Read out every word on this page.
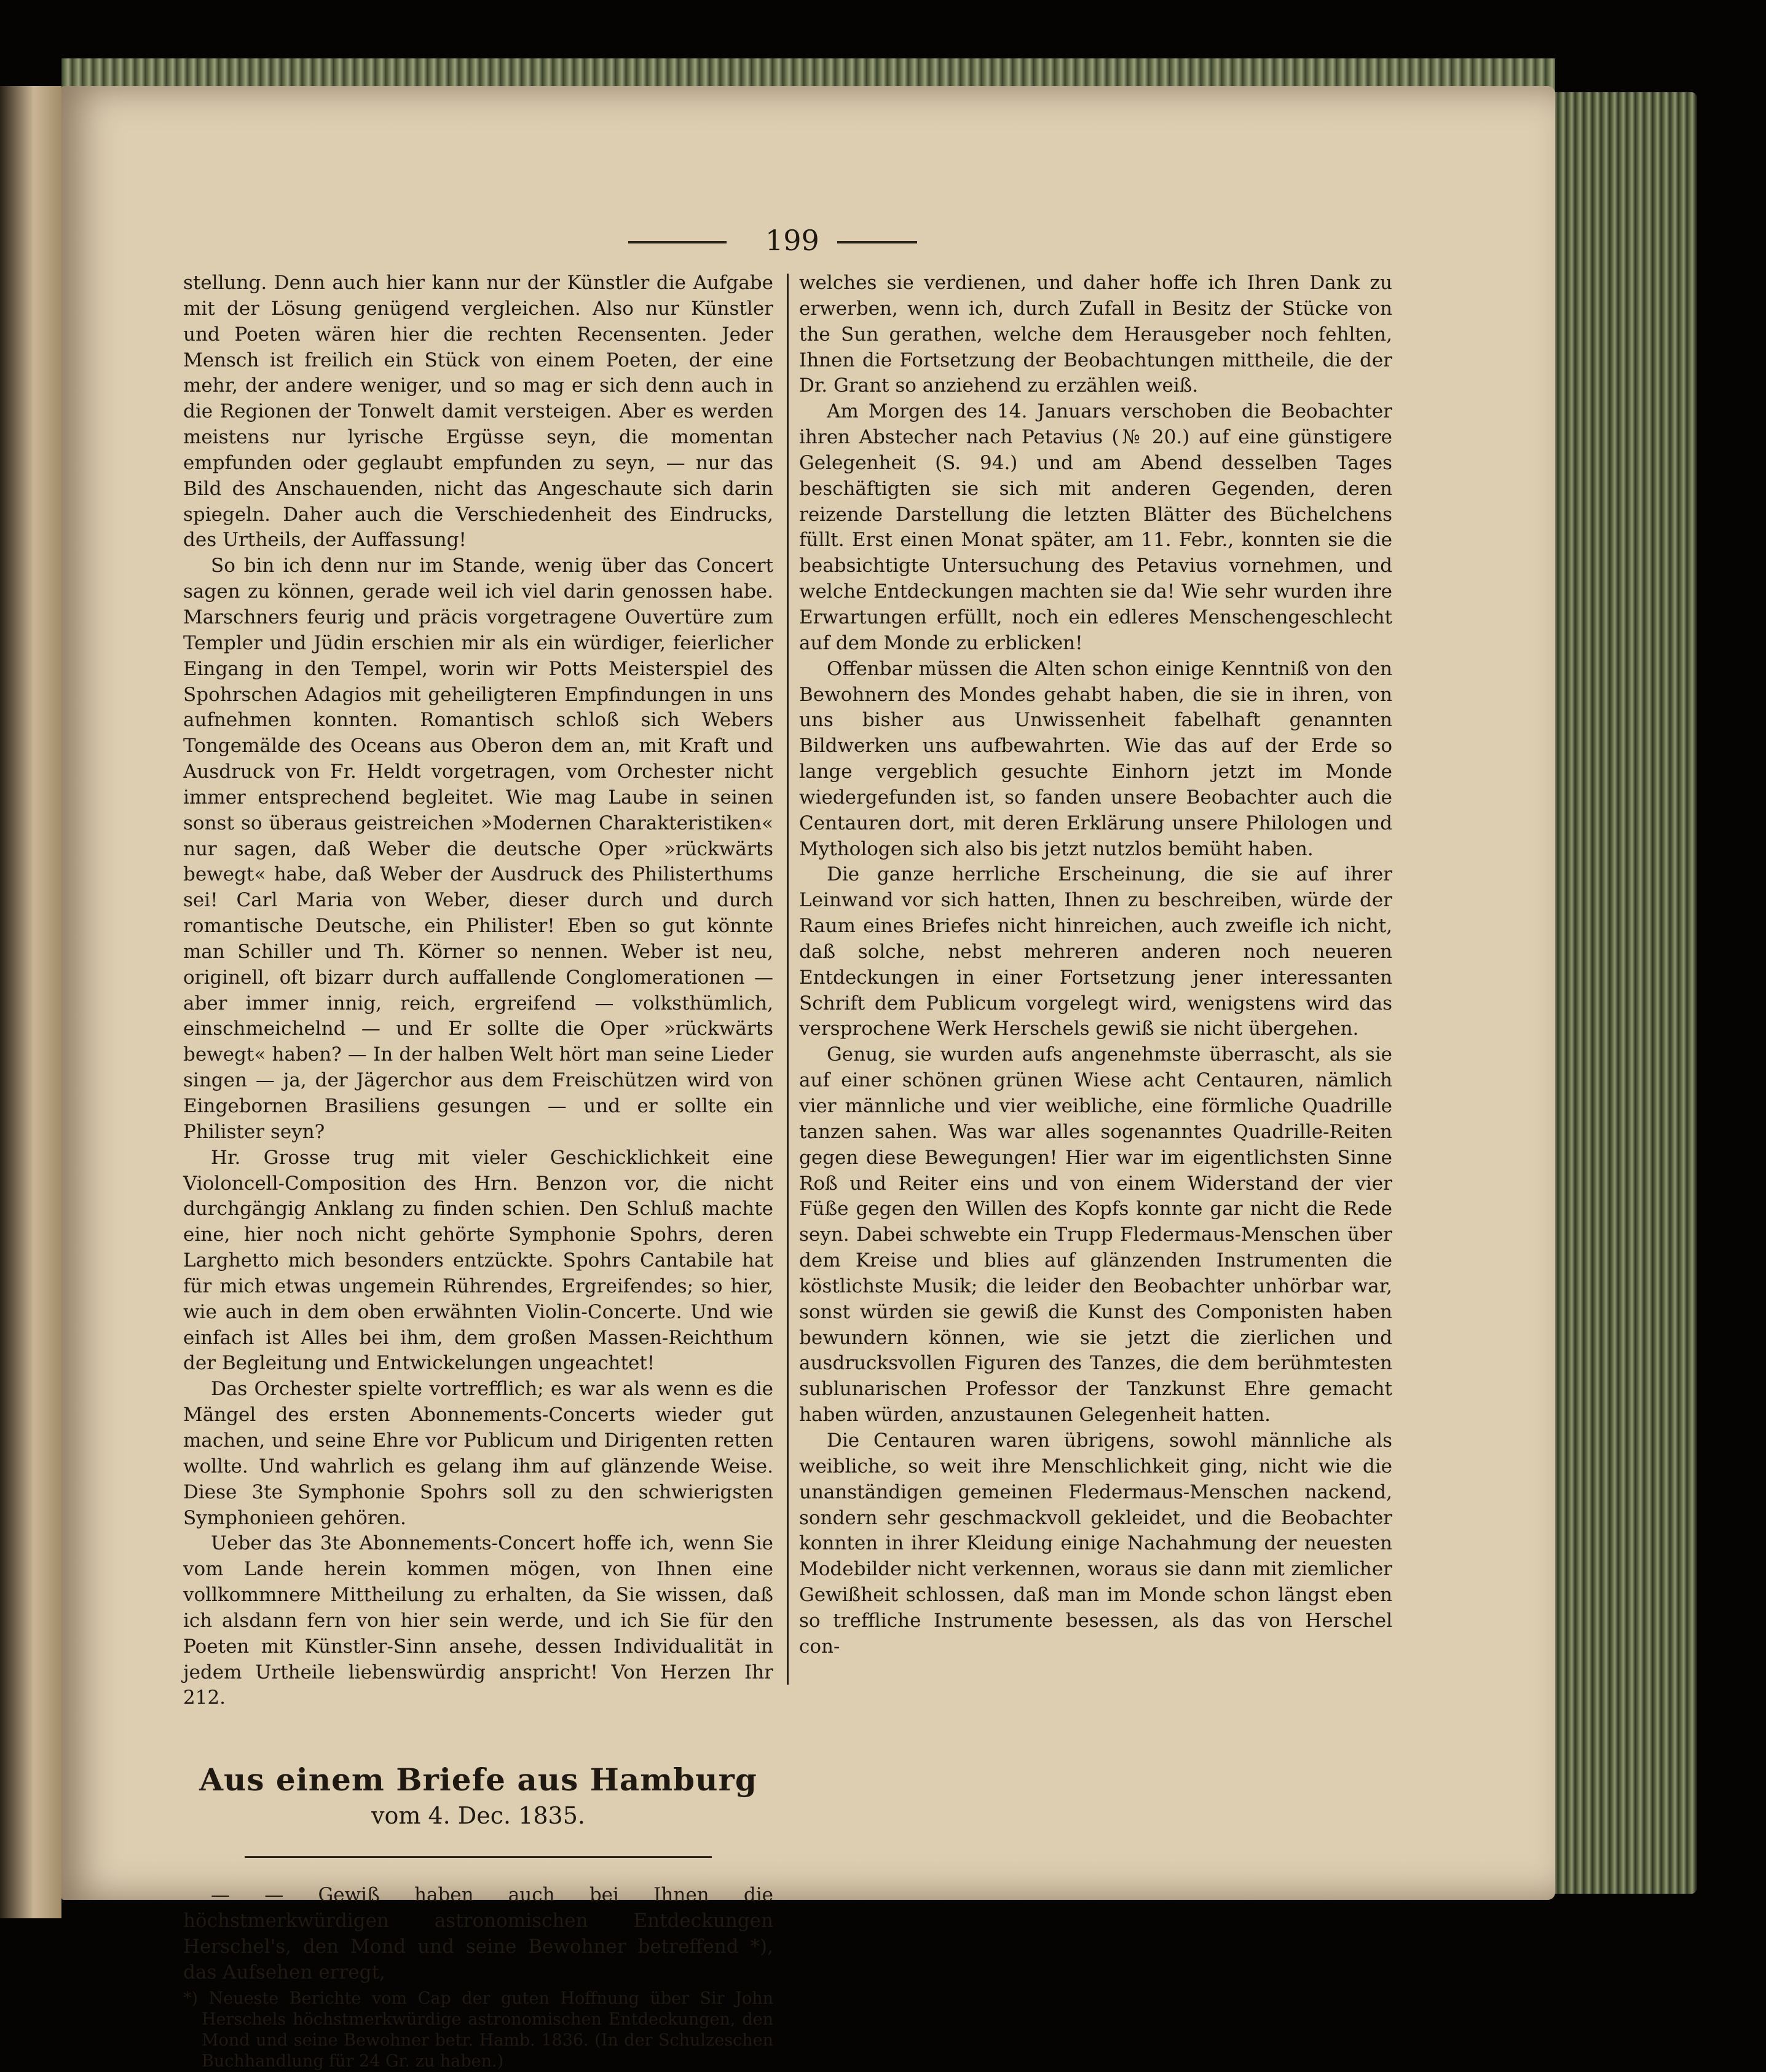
199
stellung. Denn auch hier kann nur der Künstler die Aufgabe mit der Lösung genügend vergleichen. Also nur Künstler und Poeten wären hier die rechten Recensenten. Jeder Mensch ist freilich ein Stück von einem Poeten, der eine mehr, der andere weniger, und so mag er sich denn auch in die Regionen der Tonwelt damit versteigen. Aber es werden meistens nur lyrische Ergüsse seyn, die momentan empfunden oder geglaubt empfunden zu seyn, — nur das Bild des Anschauenden, nicht das Angeschaute sich darin spiegeln. Daher auch die Verschiedenheit des Eindrucks, des Urtheils, der Auffassung!
So bin ich denn nur im Stande, wenig über das Concert sagen zu können, gerade weil ich viel darin genossen habe. Marschners feurig und präcis vorgetragene Ouvertüre zum Templer und Jüdin erschien mir als ein würdiger, feierlicher Eingang in den Tempel, worin wir Potts Meisterspiel des Spohrschen Adagios mit geheiligteren Empfindungen in uns aufnehmen konnten. Romantisch schloß sich Webers Tongemälde des Oceans aus Oberon dem an, mit Kraft und Ausdruck von Fr. Heldt vorgetragen, vom Orchester nicht immer entsprechend begleitet. Wie mag Laube in seinen sonst so überaus geistreichen »Modernen Charakteristiken« nur sagen, daß Weber die deutsche Oper »rückwärts bewegt« habe, daß Weber der Ausdruck des Philisterthums sei! Carl Maria von Weber, dieser durch und durch romantische Deutsche, ein Philister! Eben so gut könnte man Schiller und Th. Körner so nennen. Weber ist neu, originell, oft bizarr durch auffallende Conglomerationen — aber immer innig, reich, ergreifend — volksthümlich, einschmeichelnd — und Er sollte die Oper »rückwärts bewegt« haben? — In der halben Welt hört man seine Lieder singen — ja, der Jägerchor aus dem Freischützen wird von Eingebornen Brasiliens gesungen — und er sollte ein Philister seyn?
Hr. Grosse trug mit vieler Geschicklichkeit eine Violoncell-Composition des Hrn. Benzon vor, die nicht durchgängig Anklang zu finden schien. Den Schluß machte eine, hier noch nicht gehörte Symphonie Spohrs, deren Larghetto mich besonders entzückte. Spohrs Cantabile hat für mich etwas ungemein Rührendes, Ergreifendes; so hier, wie auch in dem oben erwähnten Violin-Concerte. Und wie einfach ist Alles bei ihm, dem großen Massen-Reichthum der Begleitung und Entwickelungen ungeachtet!
Das Orchester spielte vortrefflich; es war als wenn es die Mängel des ersten Abonnements-Concerts wieder gut machen, und seine Ehre vor Publicum und Dirigenten retten wollte. Und wahrlich es gelang ihm auf glänzende Weise. Diese 3te Symphonie Spohrs soll zu den schwierigsten Symphonieen gehören.
Ueber das 3te Abonnements-Concert hoffe ich, wenn Sie vom Lande herein kommen mögen, von Ihnen eine vollkommnere Mittheilung zu erhalten, da Sie wissen, daß ich alsdann fern von hier sein werde, und ich Sie für den Poeten mit Künstler-Sinn ansehe, dessen Individualität in jedem Urtheile liebenswürdig anspricht! Von Herzen Ihr 212.
Aus einem Briefe aus Hamburg
vom 4. Dec. 1835.
— — Gewiß haben auch bei Ihnen die höchstmerkwürdigen astronomischen Entdeckungen Herschel's, den Mond und seine Bewohner betreffend *), das Aufsehen erregt,
*) Neueste Berichte vom Cap der guten Hoffnung über Sir John Herschels höchstmerkwürdige astronomischen Entdeckungen, den Mond und seine Bewohner betr. Hamb. 1836. (In der Schulzeschen Buchhandlung für 24 Gr. zu haben.)
welches sie verdienen, und daher hoffe ich Ihren Dank zu erwerben, wenn ich, durch Zufall in Besitz der Stücke von the Sun gerathen, welche dem Herausgeber noch fehlten, Ihnen die Fortsetzung der Beobachtungen mittheile, die der Dr. Grant so anziehend zu erzählen weiß.
Am Morgen des 14. Januars verschoben die Beobachter ihren Abstecher nach Petavius (№ 20.) auf eine günstigere Gelegenheit (S. 94.) und am Abend desselben Tages beschäftigten sie sich mit anderen Gegenden, deren reizende Darstellung die letzten Blätter des Büchelchens füllt. Erst einen Monat später, am 11. Febr., konnten sie die beabsichtigte Untersuchung des Petavius vornehmen, und welche Entdeckungen machten sie da! Wie sehr wurden ihre Erwartungen erfüllt, noch ein edleres Menschengeschlecht auf dem Monde zu erblicken!
Offenbar müssen die Alten schon einige Kenntniß von den Bewohnern des Mondes gehabt haben, die sie in ihren, von uns bisher aus Unwissenheit fabelhaft genannten Bildwerken uns aufbewahrten. Wie das auf der Erde so lange vergeblich gesuchte Einhorn jetzt im Monde wiedergefunden ist, so fanden unsere Beobachter auch die Centauren dort, mit deren Erklärung unsere Philologen und Mythologen sich also bis jetzt nutzlos bemüht haben.
Die ganze herrliche Erscheinung, die sie auf ihrer Leinwand vor sich hatten, Ihnen zu beschreiben, würde der Raum eines Briefes nicht hinreichen, auch zweifle ich nicht, daß solche, nebst mehreren anderen noch neueren Entdeckungen in einer Fortsetzung jener interessanten Schrift dem Publicum vorgelegt wird, wenigstens wird das versprochene Werk Herschels gewiß sie nicht übergehen.
Genug, sie wurden aufs angenehmste überrascht, als sie auf einer schönen grünen Wiese acht Centauren, nämlich vier männliche und vier weibliche, eine förmliche Quadrille tanzen sahen. Was war alles sogenanntes Quadrille-Reiten gegen diese Bewegungen! Hier war im eigentlichsten Sinne Roß und Reiter eins und von einem Widerstand der vier Füße gegen den Willen des Kopfs konnte gar nicht die Rede seyn. Dabei schwebte ein Trupp Fledermaus-Menschen über dem Kreise und blies auf glänzenden Instrumenten die köstlichste Musik; die leider den Beobachter unhörbar war, sonst würden sie gewiß die Kunst des Componisten haben bewundern können, wie sie jetzt die zierlichen und ausdrucksvollen Figuren des Tanzes, die dem berühmtesten sublunarischen Professor der Tanzkunst Ehre gemacht haben würden, anzustaunen Gelegenheit hatten.
Die Centauren waren übrigens, sowohl männliche als weibliche, so weit ihre Menschlichkeit ging, nicht wie die unanständigen gemeinen Fledermaus-Menschen nackend, sondern sehr geschmackvoll gekleidet, und die Beobachter konnten in ihrer Kleidung einige Nachahmung der neuesten Modebilder nicht verkennen, woraus sie dann mit ziemlicher Gewißheit schlossen, daß man im Monde schon längst eben so treffliche Instrumente besessen, als das von Herschel con-
